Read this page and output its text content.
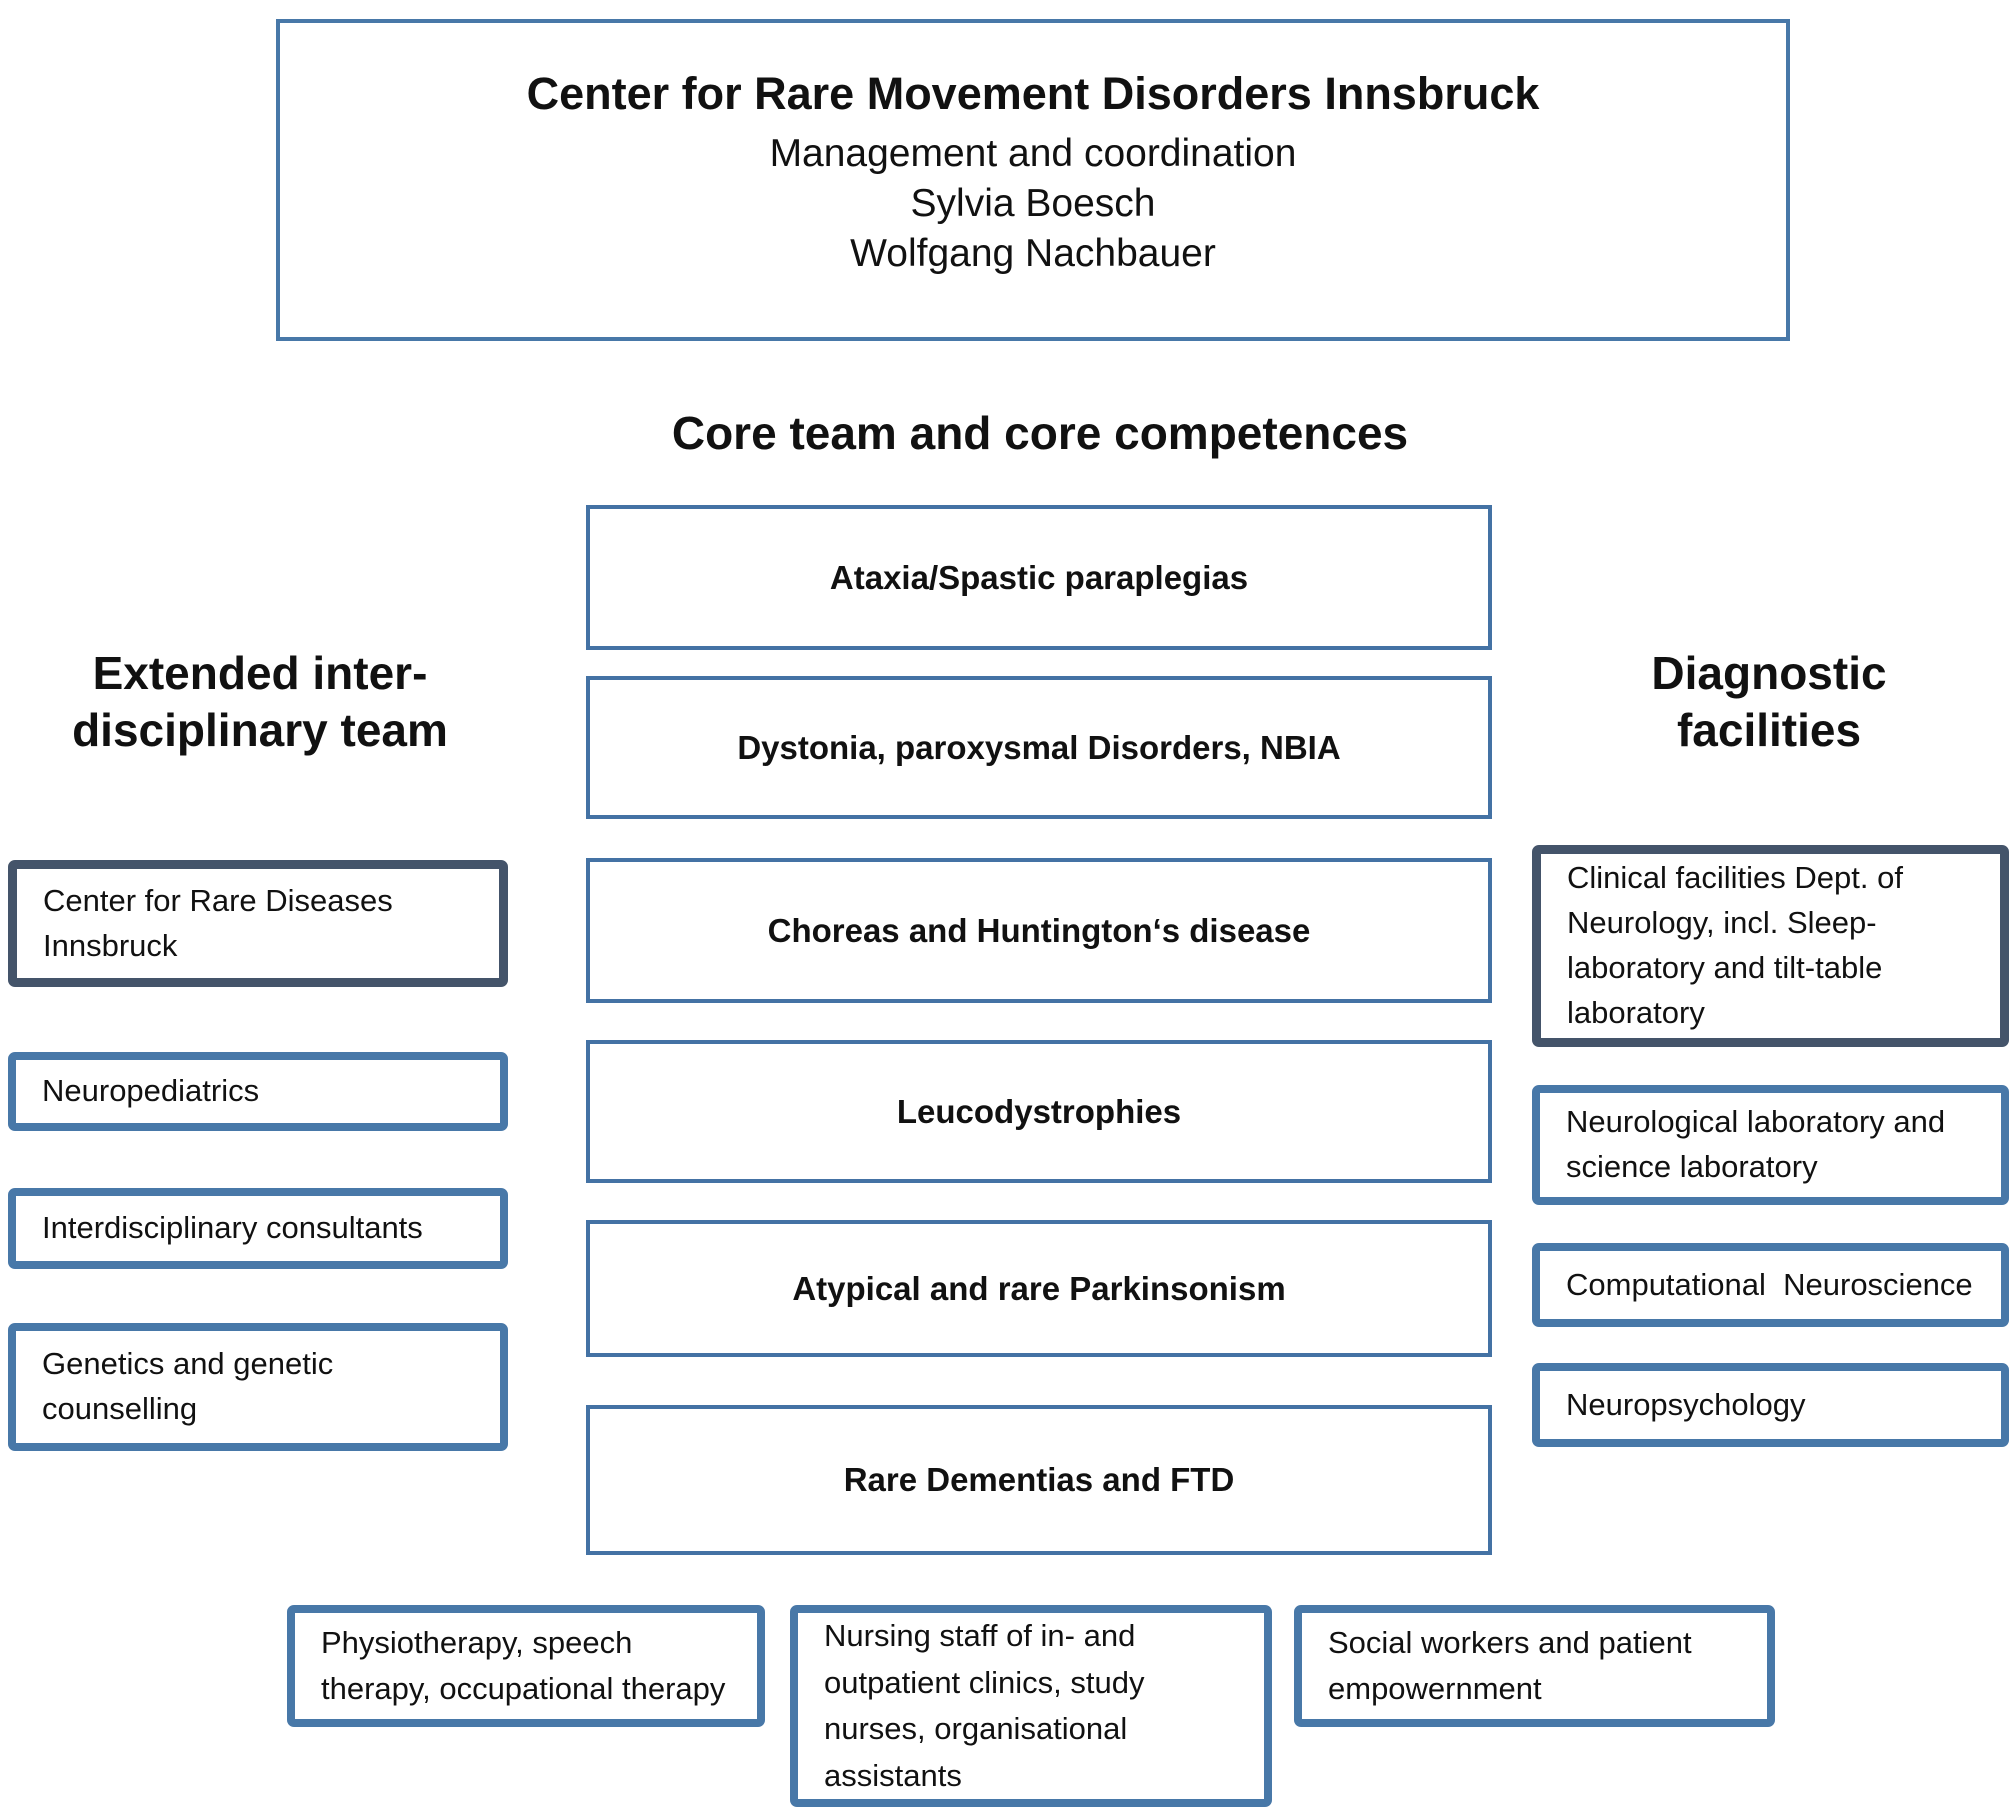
Center for Rare Movement Disorders Innsbruck
Management and coordination
Sylvia Boesch
Wolfgang Nachbauer
Core team and core competences
Extended inter-
disciplinary team
Diagnostic
facilities
Ataxia/Spastic paraplegias
Dystonia, paroxysmal Disorders, NBIA
Choreas and Huntington‘s disease
Leucodystrophies
Atypical and rare Parkinsonism
Rare Dementias and FTD
Center for Rare Diseases Innsbruck
Neuropediatrics
Interdisciplinary consultants
Genetics and genetic counselling
Clinical facilities Dept. of Neurology, incl. Sleep-laboratory and tilt-table laboratory
Neurological laboratory and science laboratory
Computational  Neuroscience
Neuropsychology
Physiotherapy, speech therapy, occupational therapy
Nursing staff of in- and outpatient clinics, study nurses, organisational assistants
Social workers and patient empowernment
